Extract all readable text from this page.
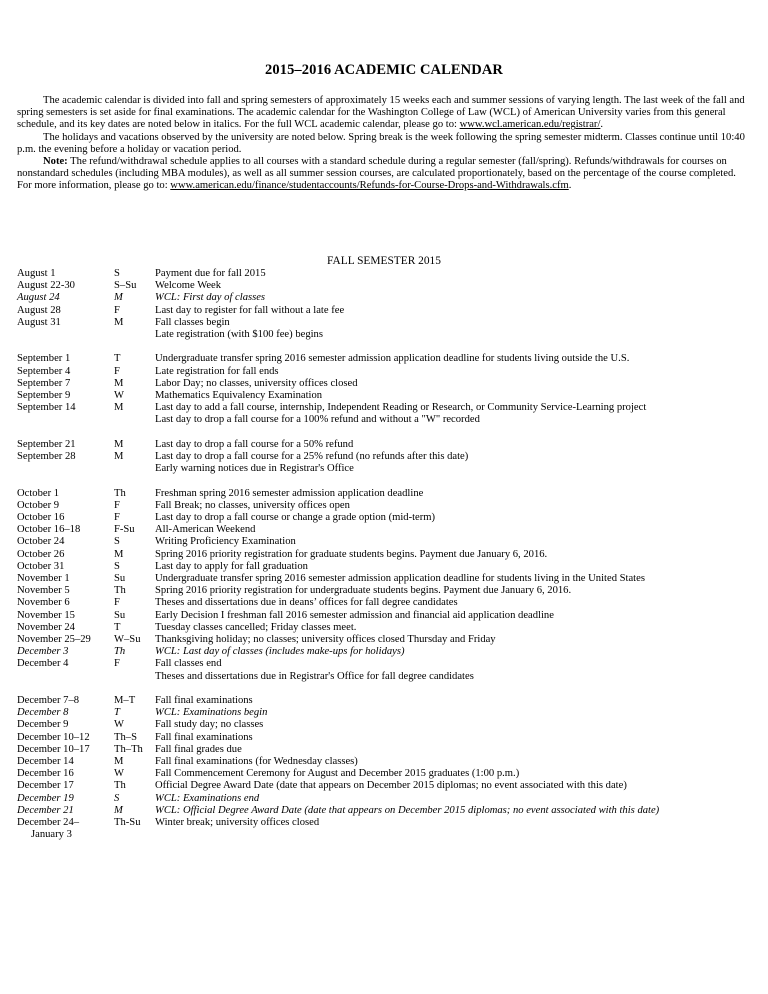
2015–2016 ACADEMIC CALENDAR

The academic calendar is divided into fall and spring semesters of approximately 15 weeks each and summer sessions of varying length. The last week of the fall and spring semesters is set aside for final examinations. The academic calendar for the Washington College of Law (WCL) of American University varies from this general schedule, and its key dates are noted below in italics. For the full WCL academic calendar, please go to: www.wcl.american.edu/registrar/.

The holidays and vacations observed by the university are noted below. Spring break is the week following the spring semester midterm. Classes continue until 10:40 p.m. the evening before a holiday or vacation period.

Note: The refund/withdrawal schedule applies to all courses with a standard schedule during a regular semester (fall/spring). Refunds/withdrawals for courses on nonstandard schedules (including MBA modules), as well as all summer session courses, are calculated proportionately, based on the percentage of the course completed. For more information, please go to: www.american.edu/finance/studentaccounts/Refunds-for-Course-Drops-and-Withdrawals.cfm.

FALL SEMESTER 2015
August 1	S	Payment due for fall 2015
August 22-30	S–Su	Welcome Week
August 24	M	WCL: First day of classes
August 28	F	Last day to register for fall without a late fee
August 31	M	Fall classes begin
Late registration (with $100 fee) begins
September 1	T	Undergraduate transfer spring 2016 semester admission application deadline for students living outside the U.S.
September 4	F	Late registration for fall ends
September 7	M	Labor Day; no classes, university offices closed
September 9	W	Mathematics Equivalency Examination
September 14	M	Last day to add a fall course, internship, Independent Reading or Research, or Community Service-Learning project
Last day to drop a fall course for a 100% refund and without a "W" recorded
September 21	M	Last day to drop a fall course for a 50% refund
September 28	M	Last day to drop a fall course for a 25% refund (no refunds after this date)
Early warning notices due in Registrar's Office
October 1	Th	Freshman spring 2016 semester admission application deadline
October 9	F	Fall Break; no classes, university offices open
October 16	F	Last day to drop a fall course or change a grade option (mid-term)
October 16–18	F-Su	All-American Weekend
October 24	S	Writing Proficiency Examination
October 26	M	Spring 2016 priority registration for graduate students begins. Payment due January 6, 2016.
October 31	S	Last day to apply for fall graduation
November 1	Su	Undergraduate transfer spring 2016 semester admission application deadline for students living in the United States
November 5	Th	Spring 2016 priority registration for undergraduate students begins. Payment due January 6, 2016.
November 6	F	Theses and dissertations due in deans’ offices for fall degree candidates
November 15	Su	Early Decision I freshman fall 2016 semester admission and financial aid application deadline
November 24	T	Tuesday classes cancelled; Friday classes meet.
November 25–29	W–Su	Thanksgiving holiday; no classes; university offices closed Thursday and Friday
December 3	Th	WCL: Last day of classes (includes make-ups for holidays)
December 4	F	Fall classes end
Theses and dissertations due in Registrar's Office for fall degree candidates
December 7–8	M–T	Fall final examinations
December 8	T	WCL: Examinations begin
December 9	W	Fall study day; no classes
December 10–12	Th–S	Fall final examinations
December 10–17	Th–Th	Fall final grades due
December 14	M	Fall final examinations (for Wednesday classes)
December 16	W	Fall Commencement Ceremony for August and December 2015 graduates (1:00 p.m.)
December 17	Th	Official Degree Award Date (date that appears on December 2015 diplomas; no event associated with this date)
December 19	S	WCL: Examinations end
December 21	M	WCL: Official Degree Award Date (date that appears on December 2015 diplomas; no event associated with this date)
December 24–	Th-Su	Winter break; university offices closed
January 3
